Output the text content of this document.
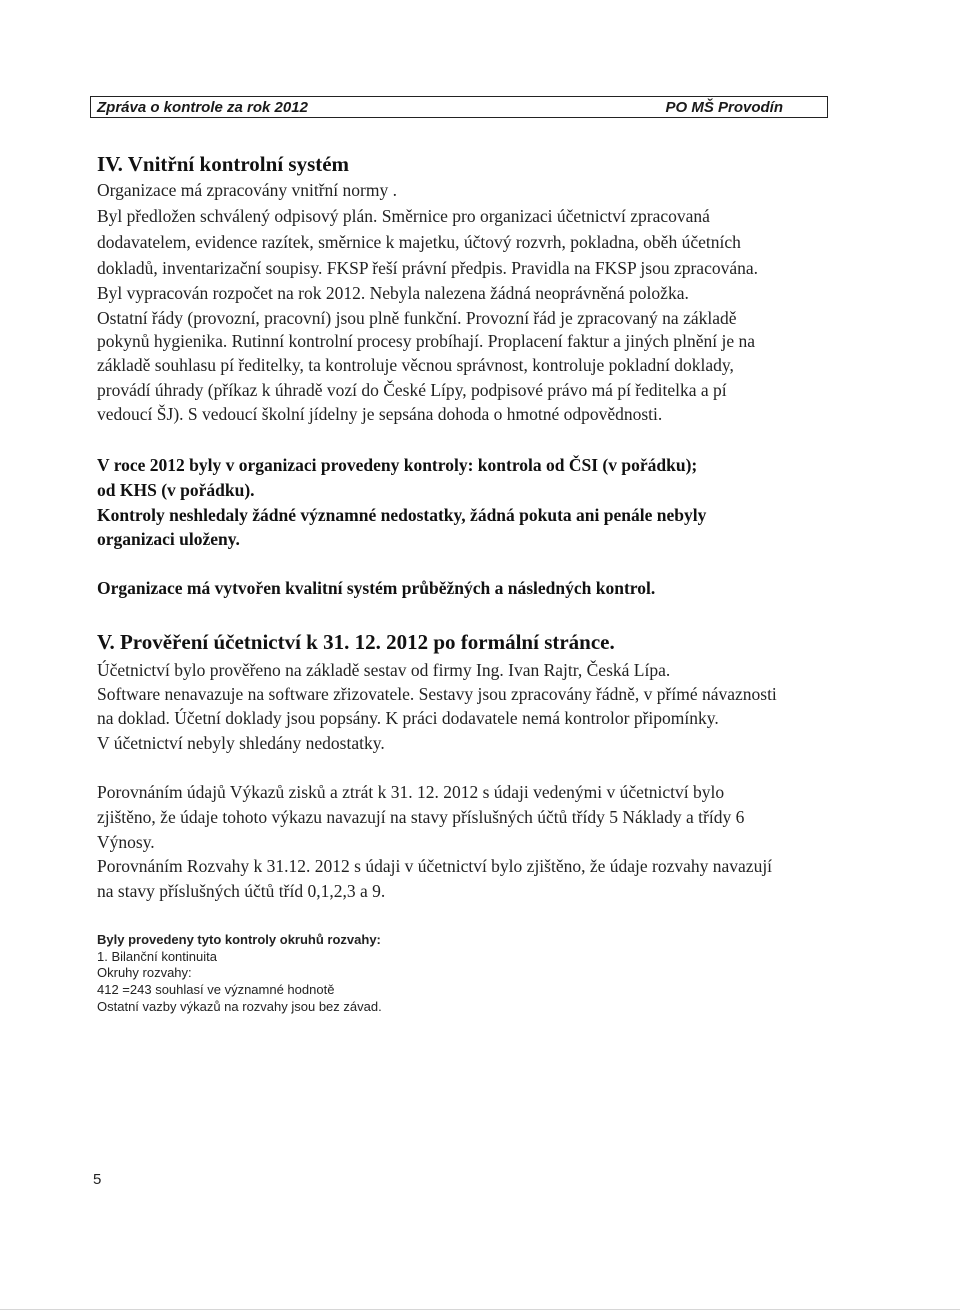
Zpráva o kontrole za rok 2012	PO MŠ Provodín
IV. Vnitřní kontrolní systém
Organizace má zpracovány vnitřní normy .
Byl předložen schválený odpisový plán. Směrnice pro organizaci účetnictví zpracovaná
dodavatelem, evidence razítek, směrnice k majetku, účtový rozvrh, pokladna, oběh účetních
dokladů, inventarizační soupisy. FKSP řeší právní předpis. Pravidla na FKSP jsou zpracována.
Byl vypracován rozpočet na rok 2012. Nebyla nalezena žádná neoprávněná položka.
Ostatní řády (provozní, pracovní) jsou plně funkční. Provozní řád je zpracovaný na základě
pokynů hygienika. Rutinní kontrolní procesy probíhají. Proplacení faktur a jiných plnění je na
základě souhlasu pí ředitelky, ta kontroluje věcnou správnost, kontroluje pokladní doklady,
provádí úhrady (příkaz k úhradě vozí do České Lípy, podpisové právo má pí ředitelka a pí
vedoucí ŠJ). S vedoucí školní jídelny je sepsána dohoda o hmotné odpovědnosti.
V roce 2012 byly v organizaci provedeny kontroly: kontrola od ČSI (v pořádku);
od KHS (v pořádku).
Kontroly neshledaly žádné významné nedostatky, žádná pokuta ani penále nebyly
organizaci uloženy.
Organizace má vytvořen kvalitní systém průběžných a následných kontrol.
V. Prověření účetnictví k 31. 12. 2012 po formální stránce.
Účetnictví bylo prověřeno na základě sestav od firmy Ing. Ivan Rajtr, Česká Lípa.
Software nenavazuje na software zřizovatele. Sestavy jsou zpracovány řádně, v přímé návaznosti
na doklad. Účetní doklady jsou popsány. K práci dodavatele nemá kontrolor připomínky.
V účetnictví nebyly shledány nedostatky.
Porovnáním údajů Výkazů zisků a ztrát k 31. 12. 2012 s údaji vedenými v účetnictví bylo
zjištěno, že údaje tohoto výkazu navazují na stavy příslušných účtů třídy 5 Náklady a třídy 6
Výnosy.
Porovnáním Rozvahy k 31.12. 2012 s údaji v účetnictví bylo zjištěno, že údaje rozvahy navazují
na stavy příslušných účtů tříd 0,1,2,3 a 9.
Byly provedeny tyto kontroly okruhů rozvahy:
1. Bilanční kontinuita
Okruhy rozvahy:
412 =243 souhlasí ve významné hodnotě
Ostatní vazby výkazů na rozvahy jsou bez závad.
5
